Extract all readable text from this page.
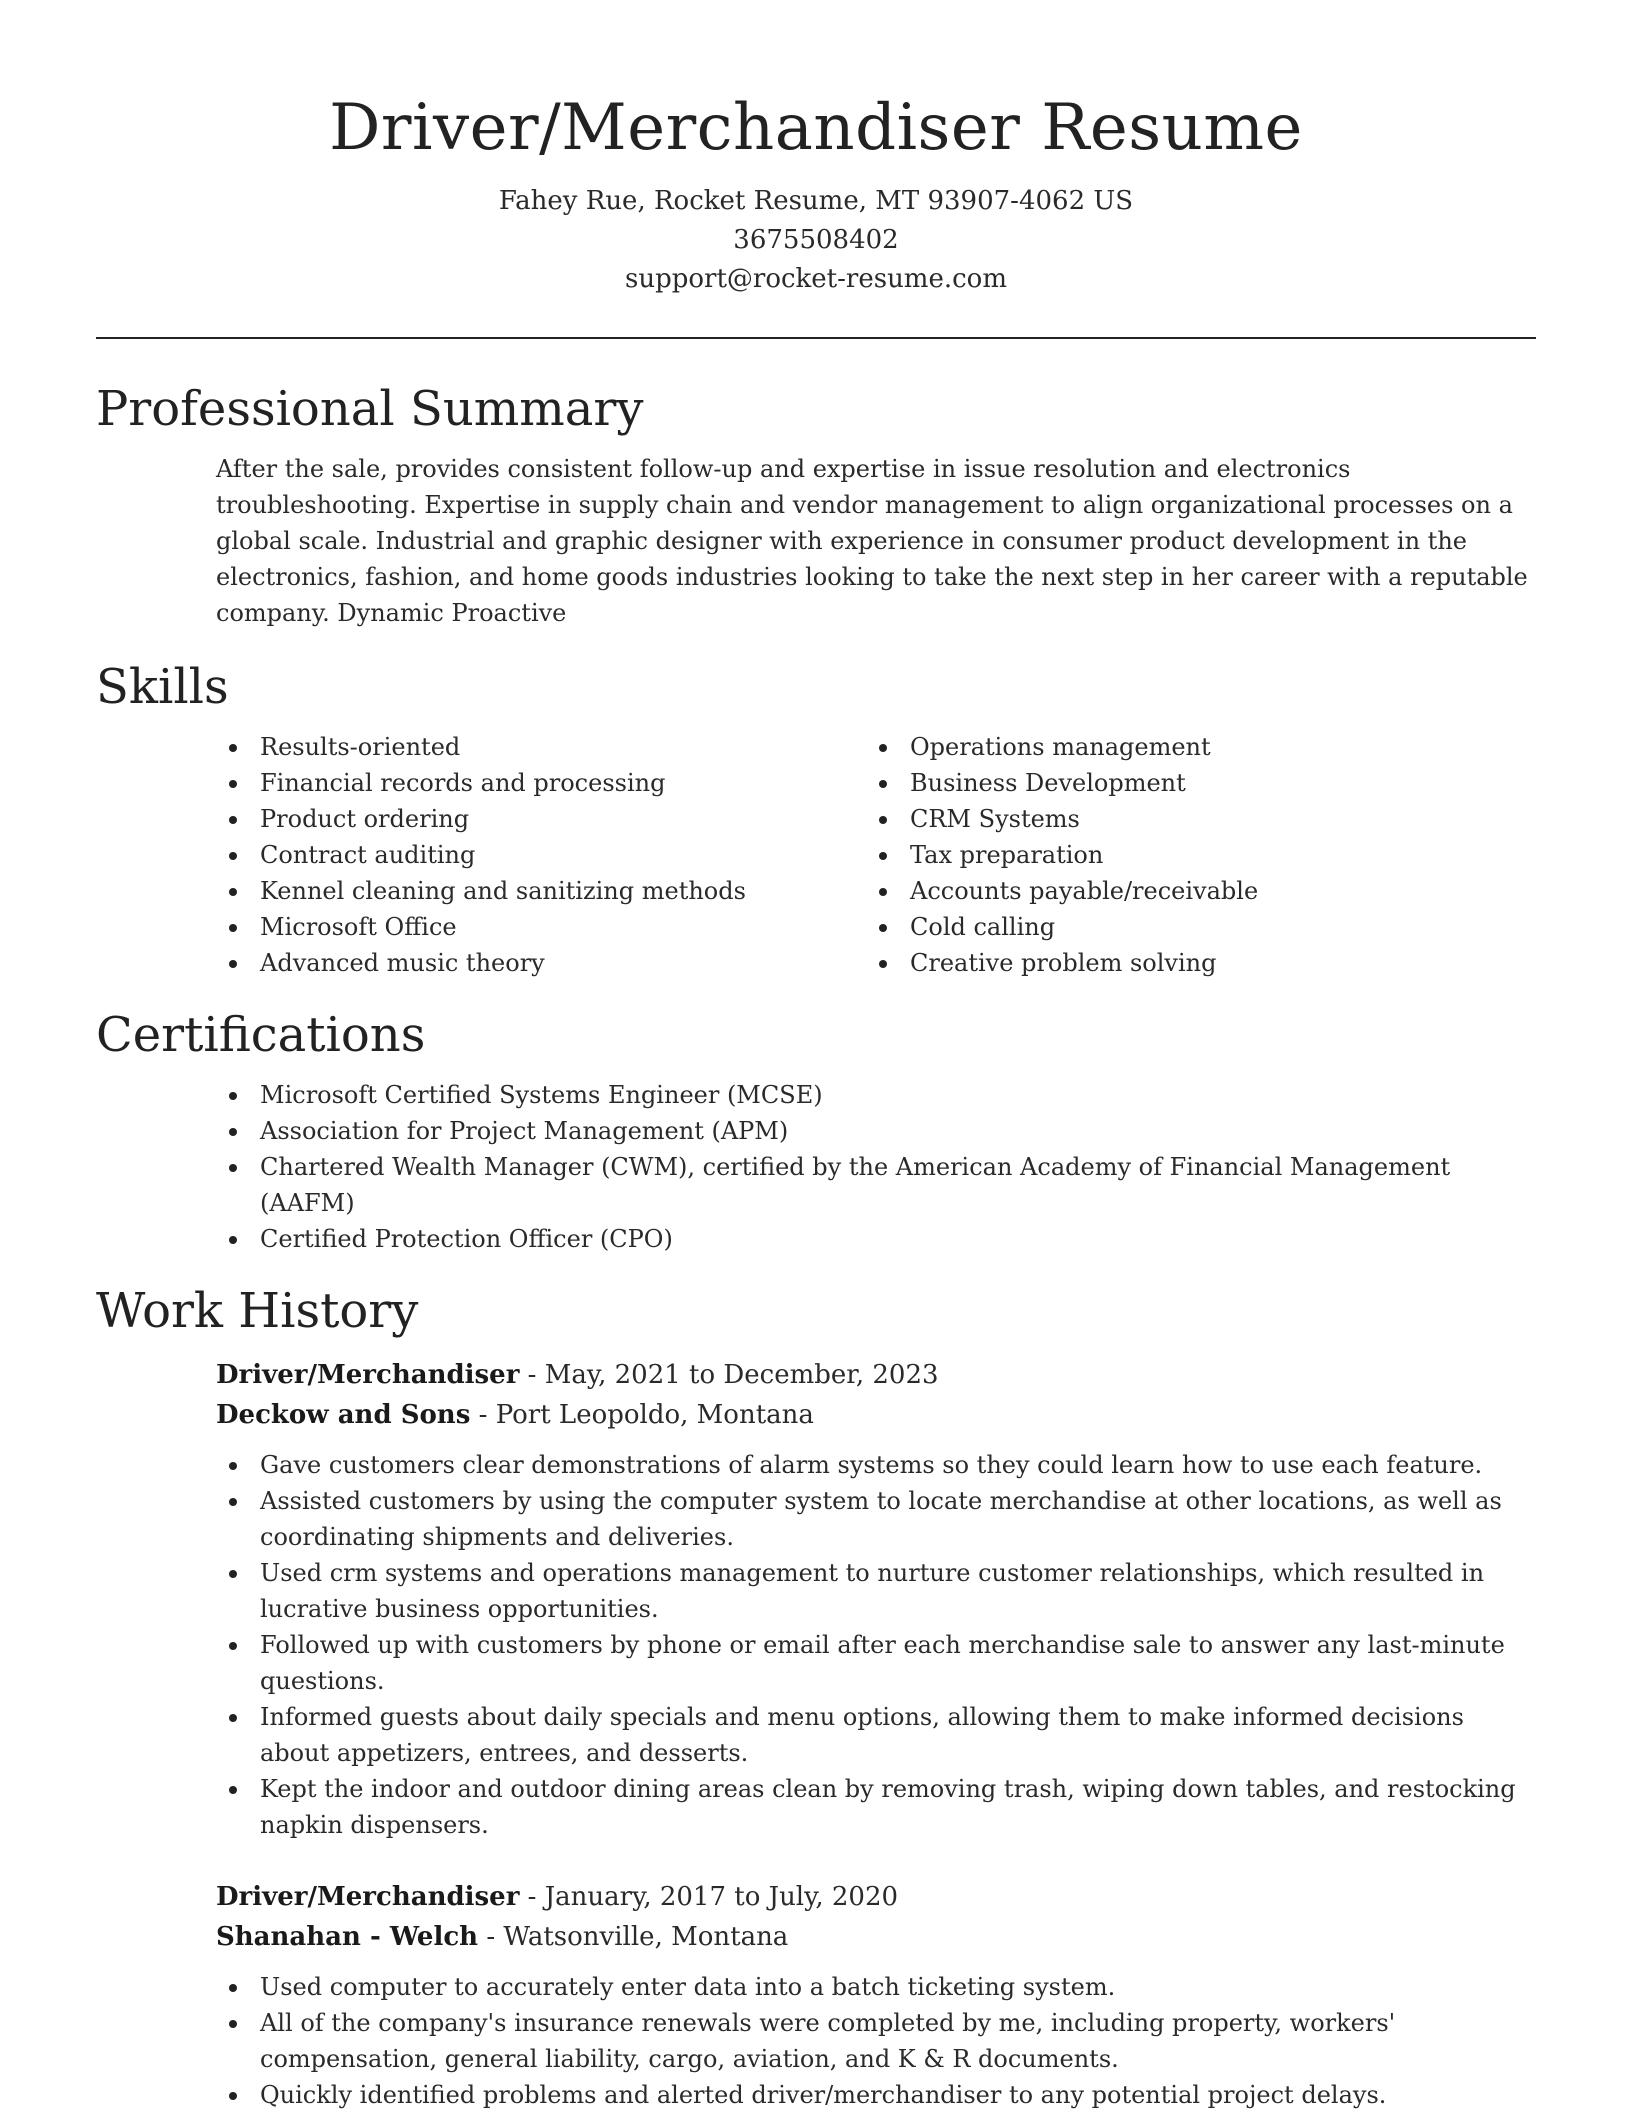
Driver/Merchandiser Resume
Fahey Rue, Rocket Resume, MT 93907-4062 US
3675508402
support@rocket-resume.com
Professional Summary

After the sale, provides consistent follow-up and expertise in issue resolution and electronics troubleshooting. Expertise in supply chain and vendor management to align organizational processes on a global scale. Industrial and graphic designer with experience in consumer product development in the electronics, fashion, and home goods industries looking to take the next step in her career with a reputable company. Dynamic Proactive

Skills
Results-oriented
Financial records and processing
Product ordering
Contract auditing
Kennel cleaning and sanitizing methods
Microsoft Office
Advanced music theory
Operations management
Business Development
CRM Systems
Tax preparation
Accounts payable/receivable
Cold calling
Creative problem solving
Certifications
Microsoft Certified Systems Engineer (MCSE)
Association for Project Management (APM)
Chartered Wealth Manager (CWM), certified by the American Academy of Financial Management (AAFM)
Certified Protection Officer (CPO)
Work History
Driver/Merchandiser - May, 2021 to December, 2023
Deckow and Sons - Port Leopoldo, Montana
Gave customers clear demonstrations of alarm systems so they could learn how to use each feature.
Assisted customers by using the computer system to locate merchandise at other locations, as well as coordinating shipments and deliveries.
Used crm systems and operations management to nurture customer relationships, which resulted in lucrative business opportunities.
Followed up with customers by phone or email after each merchandise sale to answer any last-minute questions.
Informed guests about daily specials and menu options, allowing them to make informed decisions about appetizers, entrees, and desserts.
Kept the indoor and outdoor dining areas clean by removing trash, wiping down tables, and restocking napkin dispensers.
Driver/Merchandiser - January, 2017 to July, 2020
Shanahan - Welch - Watsonville, Montana
Used computer to accurately enter data into a batch ticketing system.
All of the company's insurance renewals were completed by me, including property, workers' compensation, general liability, cargo, aviation, and K & R documents.
Quickly identified problems and alerted driver/merchandiser to any potential project delays.
